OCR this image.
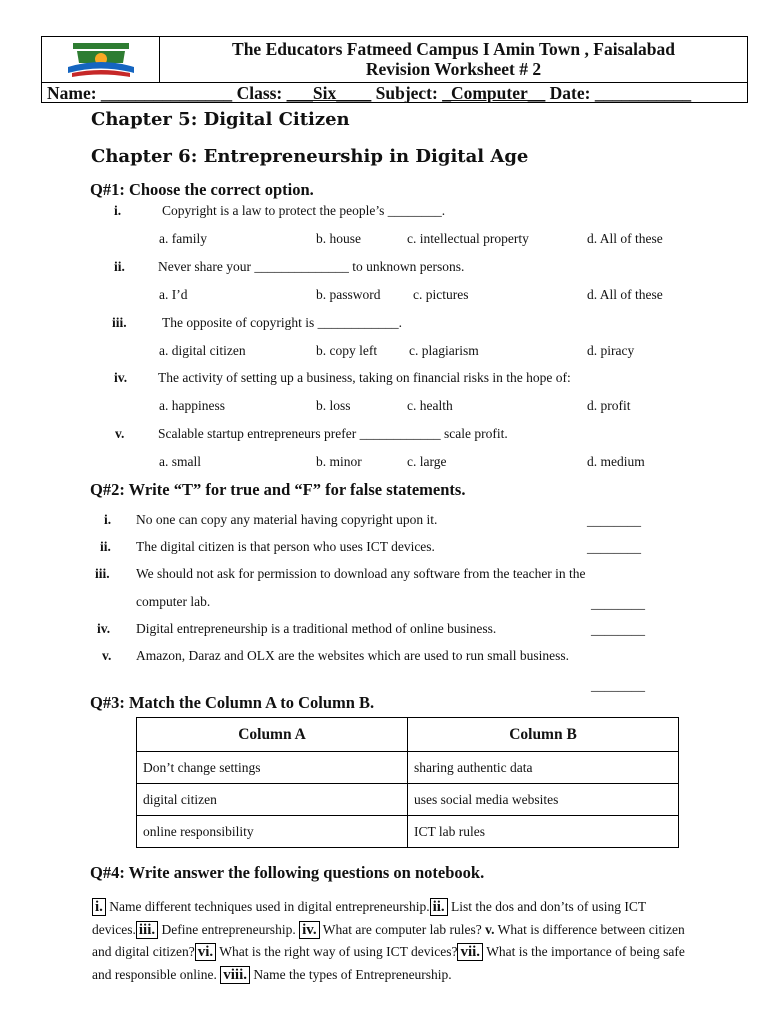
The Educators Fatmeed Campus I Amin Town , Faisalabad
Revision Worksheet # 2
Name: _______________ Class: ___Six____ Subject: _Computer__ Date: ___________
Chapter 5: Digital Citizen
Chapter 6: Entrepreneurship in Digital Age
Q#1: Choose the correct option.
i.	Copyright is a law to protect the people’s ________.
a. family	b. house	c. intellectual property	d. All of these
ii. Never share your ______________ to unknown persons.
a. I’d	b. password c. pictures	d. All of these
iii.	The opposite of copyright is ____________.
a. digital citizen	b. copy left c. plagiarism	d. piracy
iv. The activity of setting up a business, taking on financial risks in the hope of:
a. happiness	b. loss	c. health	d. profit
v. Scalable startup entrepreneurs prefer ____________ scale profit.
a. small	b. minor	c. large	d. medium
Q#2: Write “T” for true and “F” for false statements.
i. No one can copy any material having copyright upon it.	________
ii. The digital citizen is that person who uses ICT devices.	________
iii. We should not ask for permission to download any software from the teacher in the
computer lab.	________
iv. Digital entrepreneurship is a traditional method of online business.	________
v. Amazon, Daraz and OLX are the websites which are used to run small business.
________
Q#3: Match the Column A to Column B.
Column A	Column B
Don’t change settings	sharing authentic data
digital citizen	uses social media websites
online responsibility	ICT lab rules
Q#4: Write answer the following questions on notebook.
i. Name different techniques used in digital entrepreneurship. ii. List the dos and don’ts of using ICT devices. iii. Define entrepreneurship. iv. What are computer lab rules? v. What is difference between citizen and digital citizen? vi. What is the right way of using ICT devices? vii. What is the importance of being safe and responsible online. viii. Name the types of Entrepreneurship.
